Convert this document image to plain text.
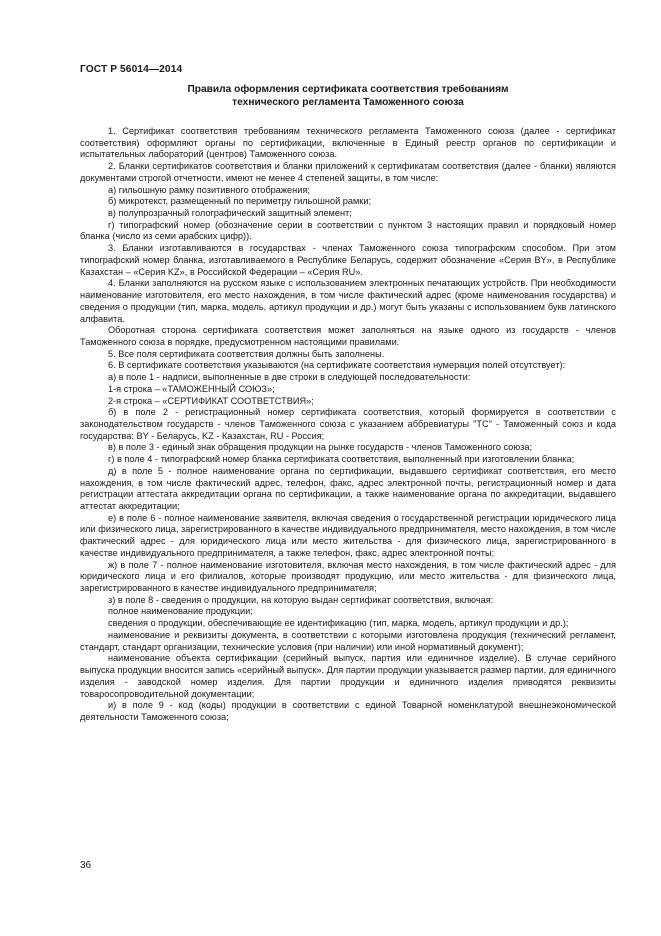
ГОСТ Р 56014—2014
Правила оформления сертификата соответствия требованиям
технического регламента Таможенного союза

1. Сертификат соответствия требованиям технического регламента Таможенного союза (далее - сертификат соответствия) оформляют органы по сертификации, включенные в Единый реестр органов по сертификации и испытательных лабораторий (центров) Таможенного союза.

2. Бланки сертификатов соответствия и бланки приложений к сертификатам соответствия (далее - бланки) являются документами строгой отчетности, имеют не менее 4 степеней защиты, в том числе:

а) гильошную рамку позитивного отображения;

б) микротекст, размещенный по периметру гильошной рамки;

в) полупрозрачный голографический защитный элемент;

г) типографский номер (обозначение серии в соответствии с пунктом 3 настоящих правил и порядковый номер бланка (число из семи арабских цифр)).

3. Бланки изготавливаются в государствах - членах Таможенного союза типографским способом. При этом типографский номер бланка, изготавливаемого в Республике Беларусь, содержит обозначение «Серия BY», в Республике Казахстан – «Серия KZ», в Российской Федерации – «Серия RU».

4. Бланки заполняются на русском языке с использованием электронных печатающих устройств. При необходимости наименование изготовителя, его место нахождения, в том числе фактический адрес (кроме наименования государства) и сведения о продукции (тип, марка, модель, артикул продукции и др.) могут быть указаны с использованием букв латинского алфавита.

Оборотная сторона сертификата соответствия может заполняться на языке одного из государств - членов Таможенного союза в порядке, предусмотренном настоящими правилами.

5. Все поля сертификата соответствия должны быть заполнены.

6. В сертификате соответствия указываются (на сертификате соответствия нумерация полей отсутствует):

а) в поле 1 - надписи, выполненные в две строки в следующей последовательности:

1-я строка – «ТАМОЖЕННЫЙ СОЮЗ»;

2-я строка – «СЕРТИФИКАТ СООТВЕТСТВИЯ»;

б) в поле 2 - регистрационный номер сертификата соответствия, который формируется в соответствии с законодательством государств - членов Таможенного союза с указанием аббревиатуры "ТС" - Таможенный союз и кода государства: BY - Беларусь, KZ - Казахстан, RU - Россия;

в) в поле 3 - единый знак обращения продукции на рынке государств - членов Таможенного союза;

г) в поле 4 - типографский номер бланка сертификата соответствия, выполненный при изготовлении бланка;

д) в поле 5 - полное наименование органа по сертификации, выдавшего сертификат соответствия, его место нахождения, в том числе фактический адрес, телефон, факс, адрес электронной почты, регистрационный номер и дата регистрации аттестата аккредитации органа по сертификации, а также наименование органа по аккредитации, выдавшего аттестат аккредитации;

е) в поле 6 - полное наименование заявителя, включая сведения о государственной регистрации юридического лица или физического лица, зарегистрированного в качестве индивидуального предпринимателя, место нахождения, в том числе фактический адрес - для юридического лица или место жительства - для физического лица, зарегистрированного в качестве индивидуального предпринимателя, а также телефон, факс, адрес электронной почты;

ж) в поле 7 - полное наименование изготовителя, включая место нахождения, в том числе фактический адрес - для юридического лица и его филиалов, которые производят продукцию, или место жительства - для физического лица, зарегистрированного в качестве индивидуального предпринимателя;

з) в поле 8 - сведения о продукции, на которую выдан сертификат соответствия, включая:

полное наименование продукции;

сведения о продукции, обеспечивающие ее идентификацию (тип, марка, модель, артикул продукции и др.);

наименование и реквизиты документа, в соответствии с которыми изготовлена продукция (технический регламент, стандарт, стандарт организации, технические условия (при наличии) или иной нормативный документ);

наименование объекта сертификации (серийный выпуск, партия или единичное изделие). В случае серийного выпуска продукции вносится запись «серийный выпуск». Для партии продукции указывается размер партии, для единичного изделия - заводской номер изделия. Для партии продукции и единичного изделия приводятся реквизиты товаросопроводительной документации;

и) в поле 9 - код (коды) продукции в соответствии с единой Товарной номенклатурой внешнеэкономической деятельности Таможенного союза;

36
